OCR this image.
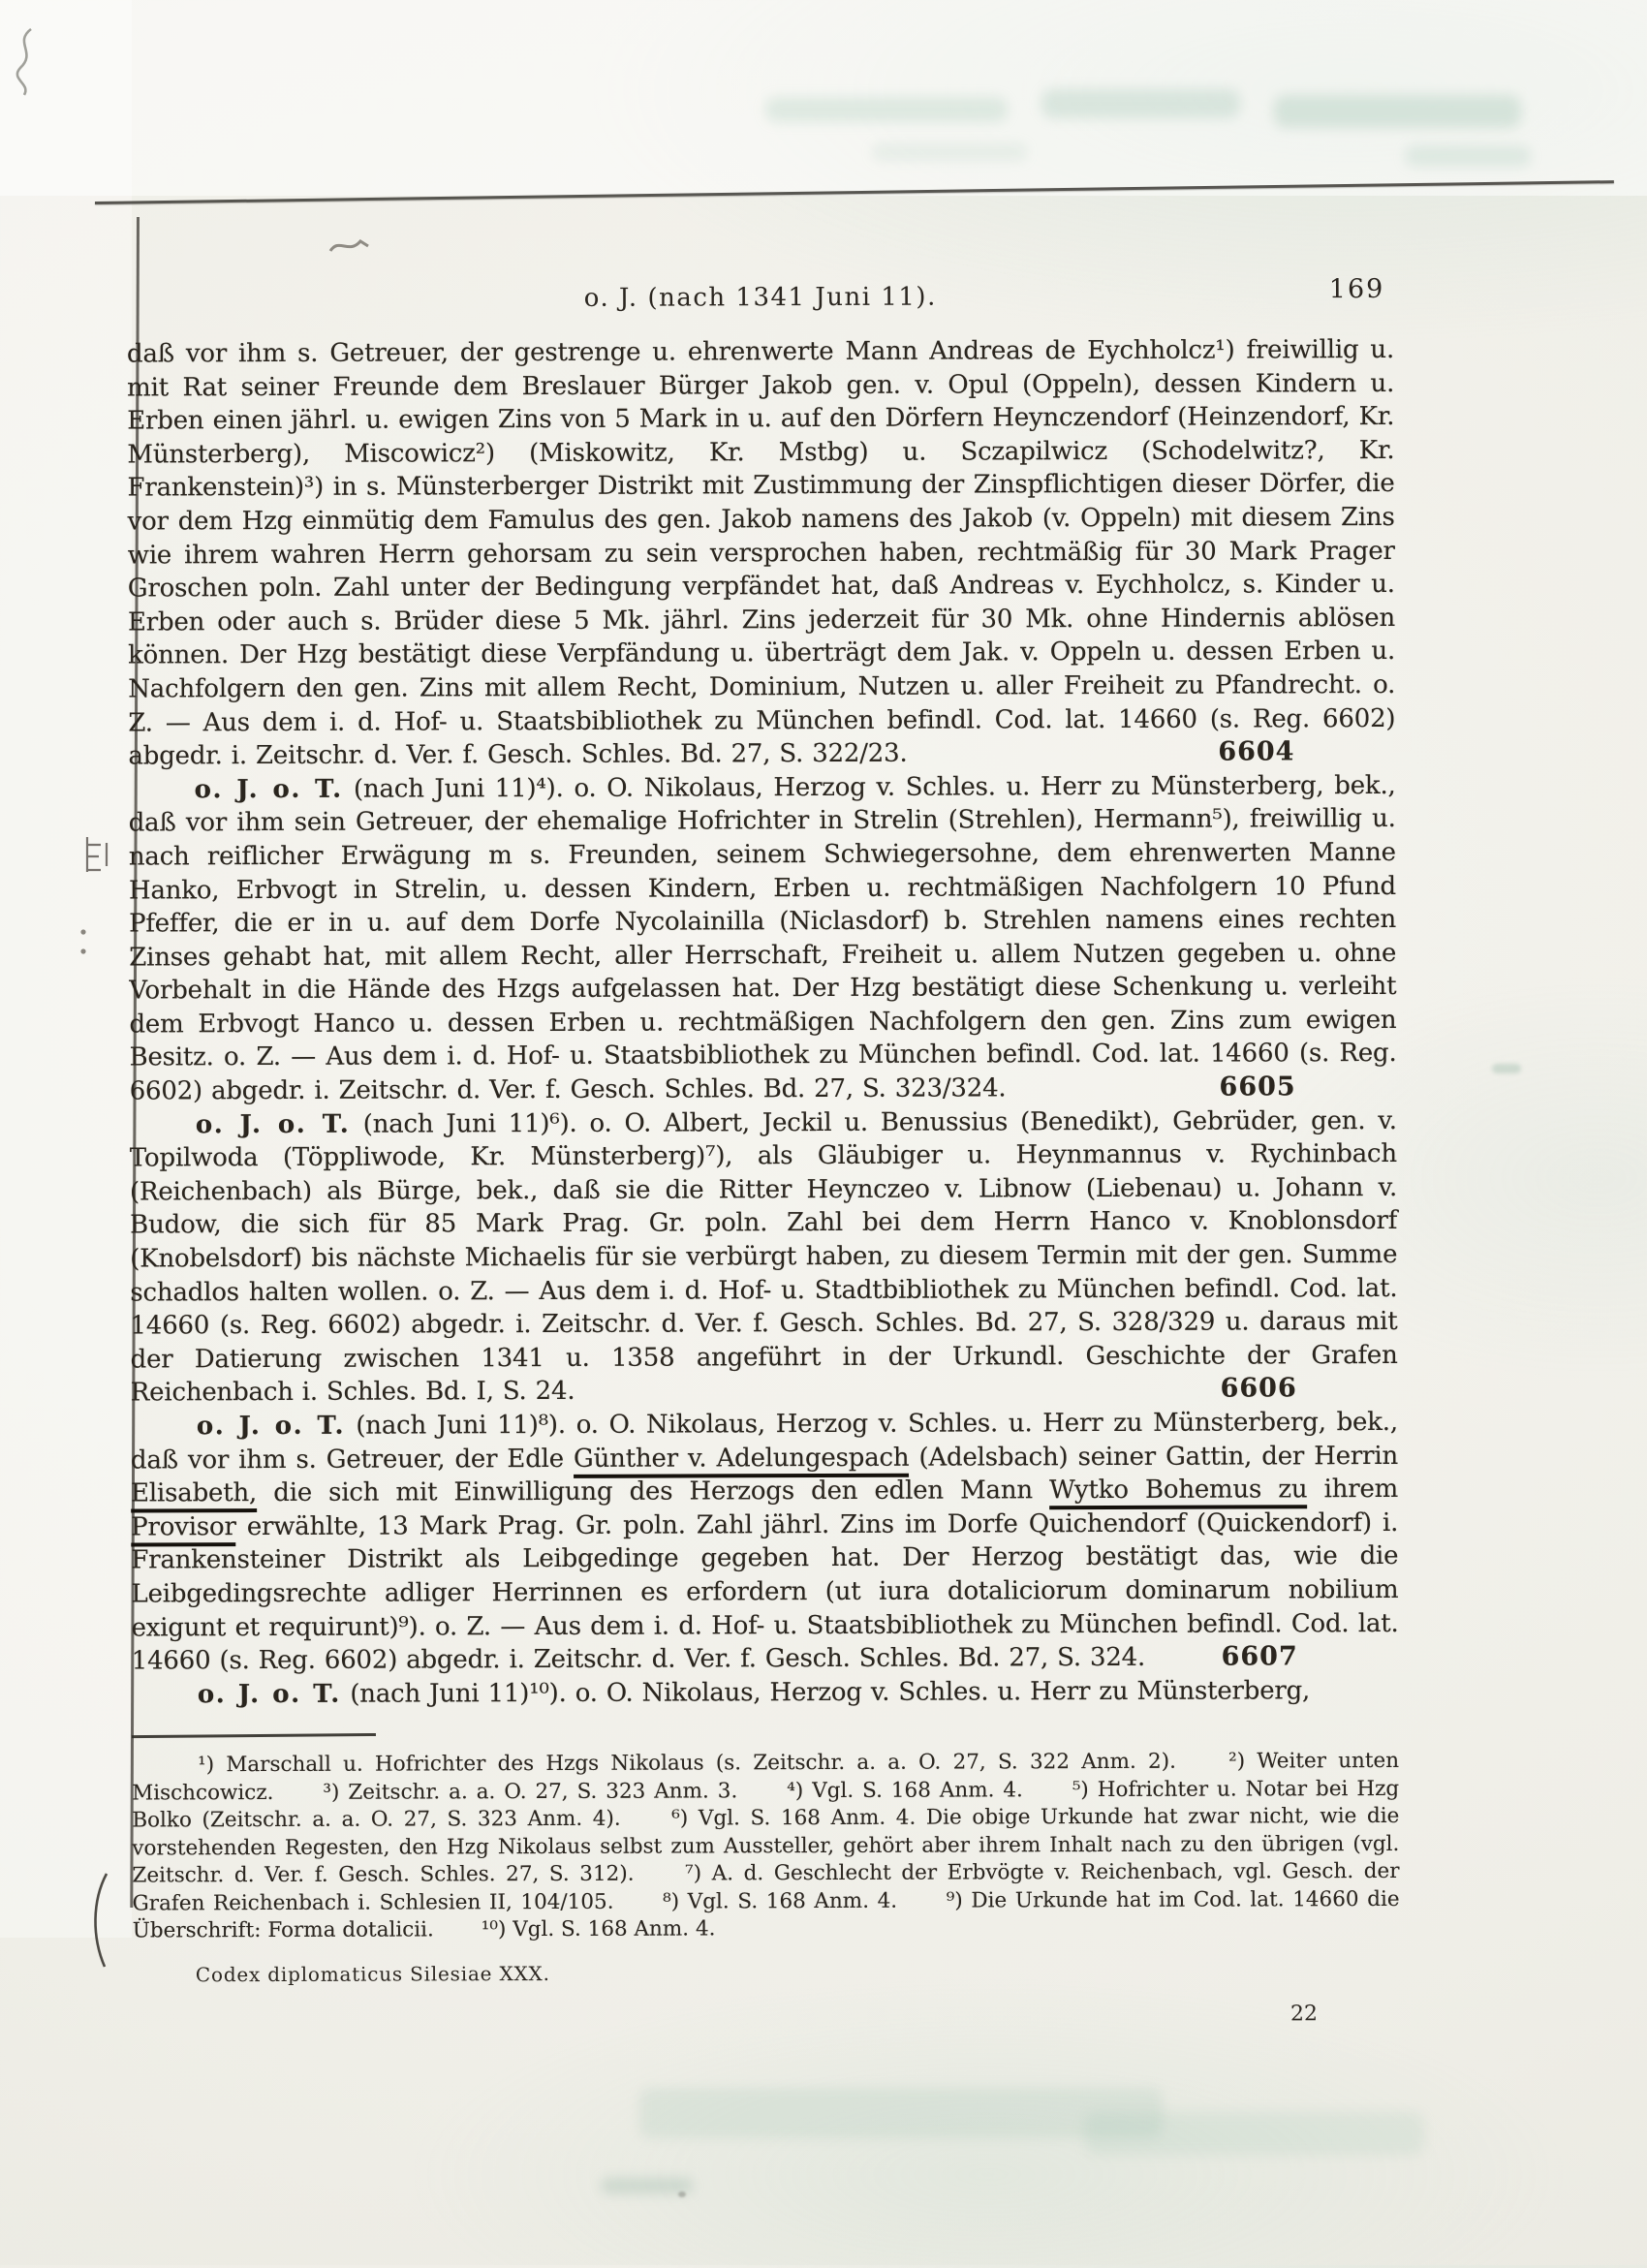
o. J. (nach 1341 Juni 11).	169

daß vor ihm s. Getreuer, der gestrenge u. ehrenwerte Mann Andreas de Eychholcz¹) freiwillig u. mit Rat seiner Freunde dem Breslauer Bürger Jakob gen. v. Opul (Oppeln), dessen Kindern u. Erben einen jährl. u. ewigen Zins von 5 Mark in u. auf den Dörfern Heynczendorf (Heinzendorf, Kr. Münsterberg), Miscowicz²) (Miskowitz, Kr. Mstbg) u. Sczapilwicz (Schodelwitz?, Kr. Frankenstein)³) in s. Münsterberger Distrikt mit Zustimmung der Zinspflichtigen dieser Dörfer, die vor dem Hzg einmütig dem Famulus des gen. Jakob namens des Jakob (v. Oppeln) mit diesem Zins wie ihrem wahren Herrn gehorsam zu sein versprochen haben, rechtmäßig für 30 Mark Prager Groschen poln. Zahl unter der Bedingung verpfändet hat, daß Andreas v. Eychholcz, s. Kinder u. Erben oder auch s. Brüder diese 5 Mk. jährl. Zins jederzeit für 30 Mk. ohne Hindernis ablösen können. Der Hzg bestätigt diese Verpfändung u. überträgt dem Jak. v. Oppeln u. dessen Erben u. Nachfolgern den gen. Zins mit allem Recht, Dominium, Nutzen u. aller Freiheit zu Pfandrecht. o. Z. — Aus dem i. d. Hof- u. Staatsbibliothek zu München befindl. Cod. lat. 14660 (s. Reg. 6602) abgedr. i. Zeitschr. d. Ver. f. Gesch. Schles. Bd. 27, S. 322/23.	6604

o. J. o. T. (nach Juni 11)⁴). o. O. Nikolaus, Herzog v. Schles. u. Herr zu Münsterberg, bek., daß vor ihm sein Getreuer, der ehemalige Hofrichter in Strelin (Strehlen), Hermann⁵), freiwillig u. nach reiflicher Erwägung m s. Freunden, seinem Schwiegersohne, dem ehrenwerten Manne Hanko, Erbvogt in Strelin, u. dessen Kindern, Erben u. rechtmäßigen Nachfolgern 10 Pfund Pfeffer, die er in u. auf dem Dorfe Nycolainilla (Niclasdorf) b. Strehlen namens eines rechten Zinses gehabt hat, mit allem Recht, aller Herrschaft, Freiheit u. allem Nutzen gegeben u. ohne Vorbehalt in die Hände des Hzgs aufgelassen hat. Der Hzg bestätigt diese Schenkung u. verleiht dem Erbvogt Hanco u. dessen Erben u. rechtmäßigen Nachfolgern den gen. Zins zum ewigen Besitz. o. Z. — Aus dem i. d. Hof- u. Staatsbibliothek zu München befindl. Cod. lat. 14660 (s. Reg. 6602) abgedr. i. Zeitschr. d. Ver. f. Gesch. Schles. Bd. 27, S. 323/324.	6605

o. J. o. T. (nach Juni 11)⁶). o. O. Albert, Jeckil u. Benussius (Benedikt), Gebrüder, gen. v. Topilwoda (Töppliwode, Kr. Münsterberg)⁷), als Gläubiger u. Heynmannus v. Rychinbach (Reichenbach) als Bürge, bek., daß sie die Ritter Heynczeo v. Libnow (Liebenau) u. Johann v. Budow, die sich für 85 Mark Prag. Gr. poln. Zahl bei dem Herrn Hanco v. Knoblonsdorf (Knobelsdorf) bis nächste Michaelis für sie verbürgt haben, zu diesem Termin mit der gen. Summe schadlos halten wollen. o. Z. — Aus dem i. d. Hof- u. Stadtbibliothek zu München befindl. Cod. lat. 14660 (s. Reg. 6602) abgedr. i. Zeitschr. d. Ver. f. Gesch. Schles. Bd. 27, S. 328/329 u. daraus mit der Datierung zwischen 1341 u. 1358 angeführt in der Urkundl. Geschichte der Grafen Reichenbach i. Schles. Bd. I, S. 24.	6606

o. J. o. T. (nach Juni 11)⁸). o. O. Nikolaus, Herzog v. Schles. u. Herr zu Münsterberg, bek., daß vor ihm s. Getreuer, der Edle Günther v. Adelungespach (Adelsbach) seiner Gattin, der Herrin Elisabeth, die sich mit Einwilligung des Herzogs den edlen Mann Wytko Bohemus zu ihrem Provisor erwählte, 13 Mark Prag. Gr. poln. Zahl jährl. Zins im Dorfe Quichendorf (Quickendorf) i. Frankensteiner Distrikt als Leibgedinge gegeben hat. Der Herzog bestätigt das, wie die Leibgedingsrechte adliger Herrinnen es erfordern (ut iura dotaliciorum dominarum nobilium exigunt et requirunt)⁹). o. Z. — Aus dem i. d. Hof- u. Staatsbibliothek zu München befindl. Cod. lat. 14660 (s. Reg. 6602) abgedr. i. Zeitschr. d. Ver. f. Gesch. Schles. Bd. 27, S. 324.	6607

o. J. o. T. (nach Juni 11)¹⁰). o. O. Nikolaus, Herzog v. Schles. u. Herr zu Münsterberg,

¹) Marschall u. Hofrichter des Hzgs Nikolaus (s. Zeitschr. a. a. O. 27, S. 322 Anm. 2).	²) Weiter unten Mischcowicz. ³) Zeitschr. a. a. O. 27, S. 323 Anm. 3. ⁴) Vgl. S. 168 Anm. 4. ⁵) Hofrichter u. Notar bei Hzg Bolko (Zeitschr. a. a. O. 27, S. 323 Anm. 4). ⁶) Vgl. S. 168 Anm. 4. Die obige Urkunde hat zwar nicht, wie die vorstehenden Regesten, den Hzg Nikolaus selbst zum Aussteller, gehört aber ihrem Inhalt nach zu den übrigen (vgl. Zeitschr. d. Ver. f. Gesch. Schles. 27, S. 312). ⁷) A. d. Geschlecht der Erbvögte v. Reichenbach, vgl. Gesch. der Grafen Reichenbach i. Schlesien II, 104/105. ⁸) Vgl. S. 168 Anm. 4. ⁹) Die Urkunde hat im Cod. lat. 14660 die Überschrift: Forma dotalicii. ¹⁰) Vgl. S. 168 Anm. 4.
Codex diplomaticus Silesiae XXX.
22
